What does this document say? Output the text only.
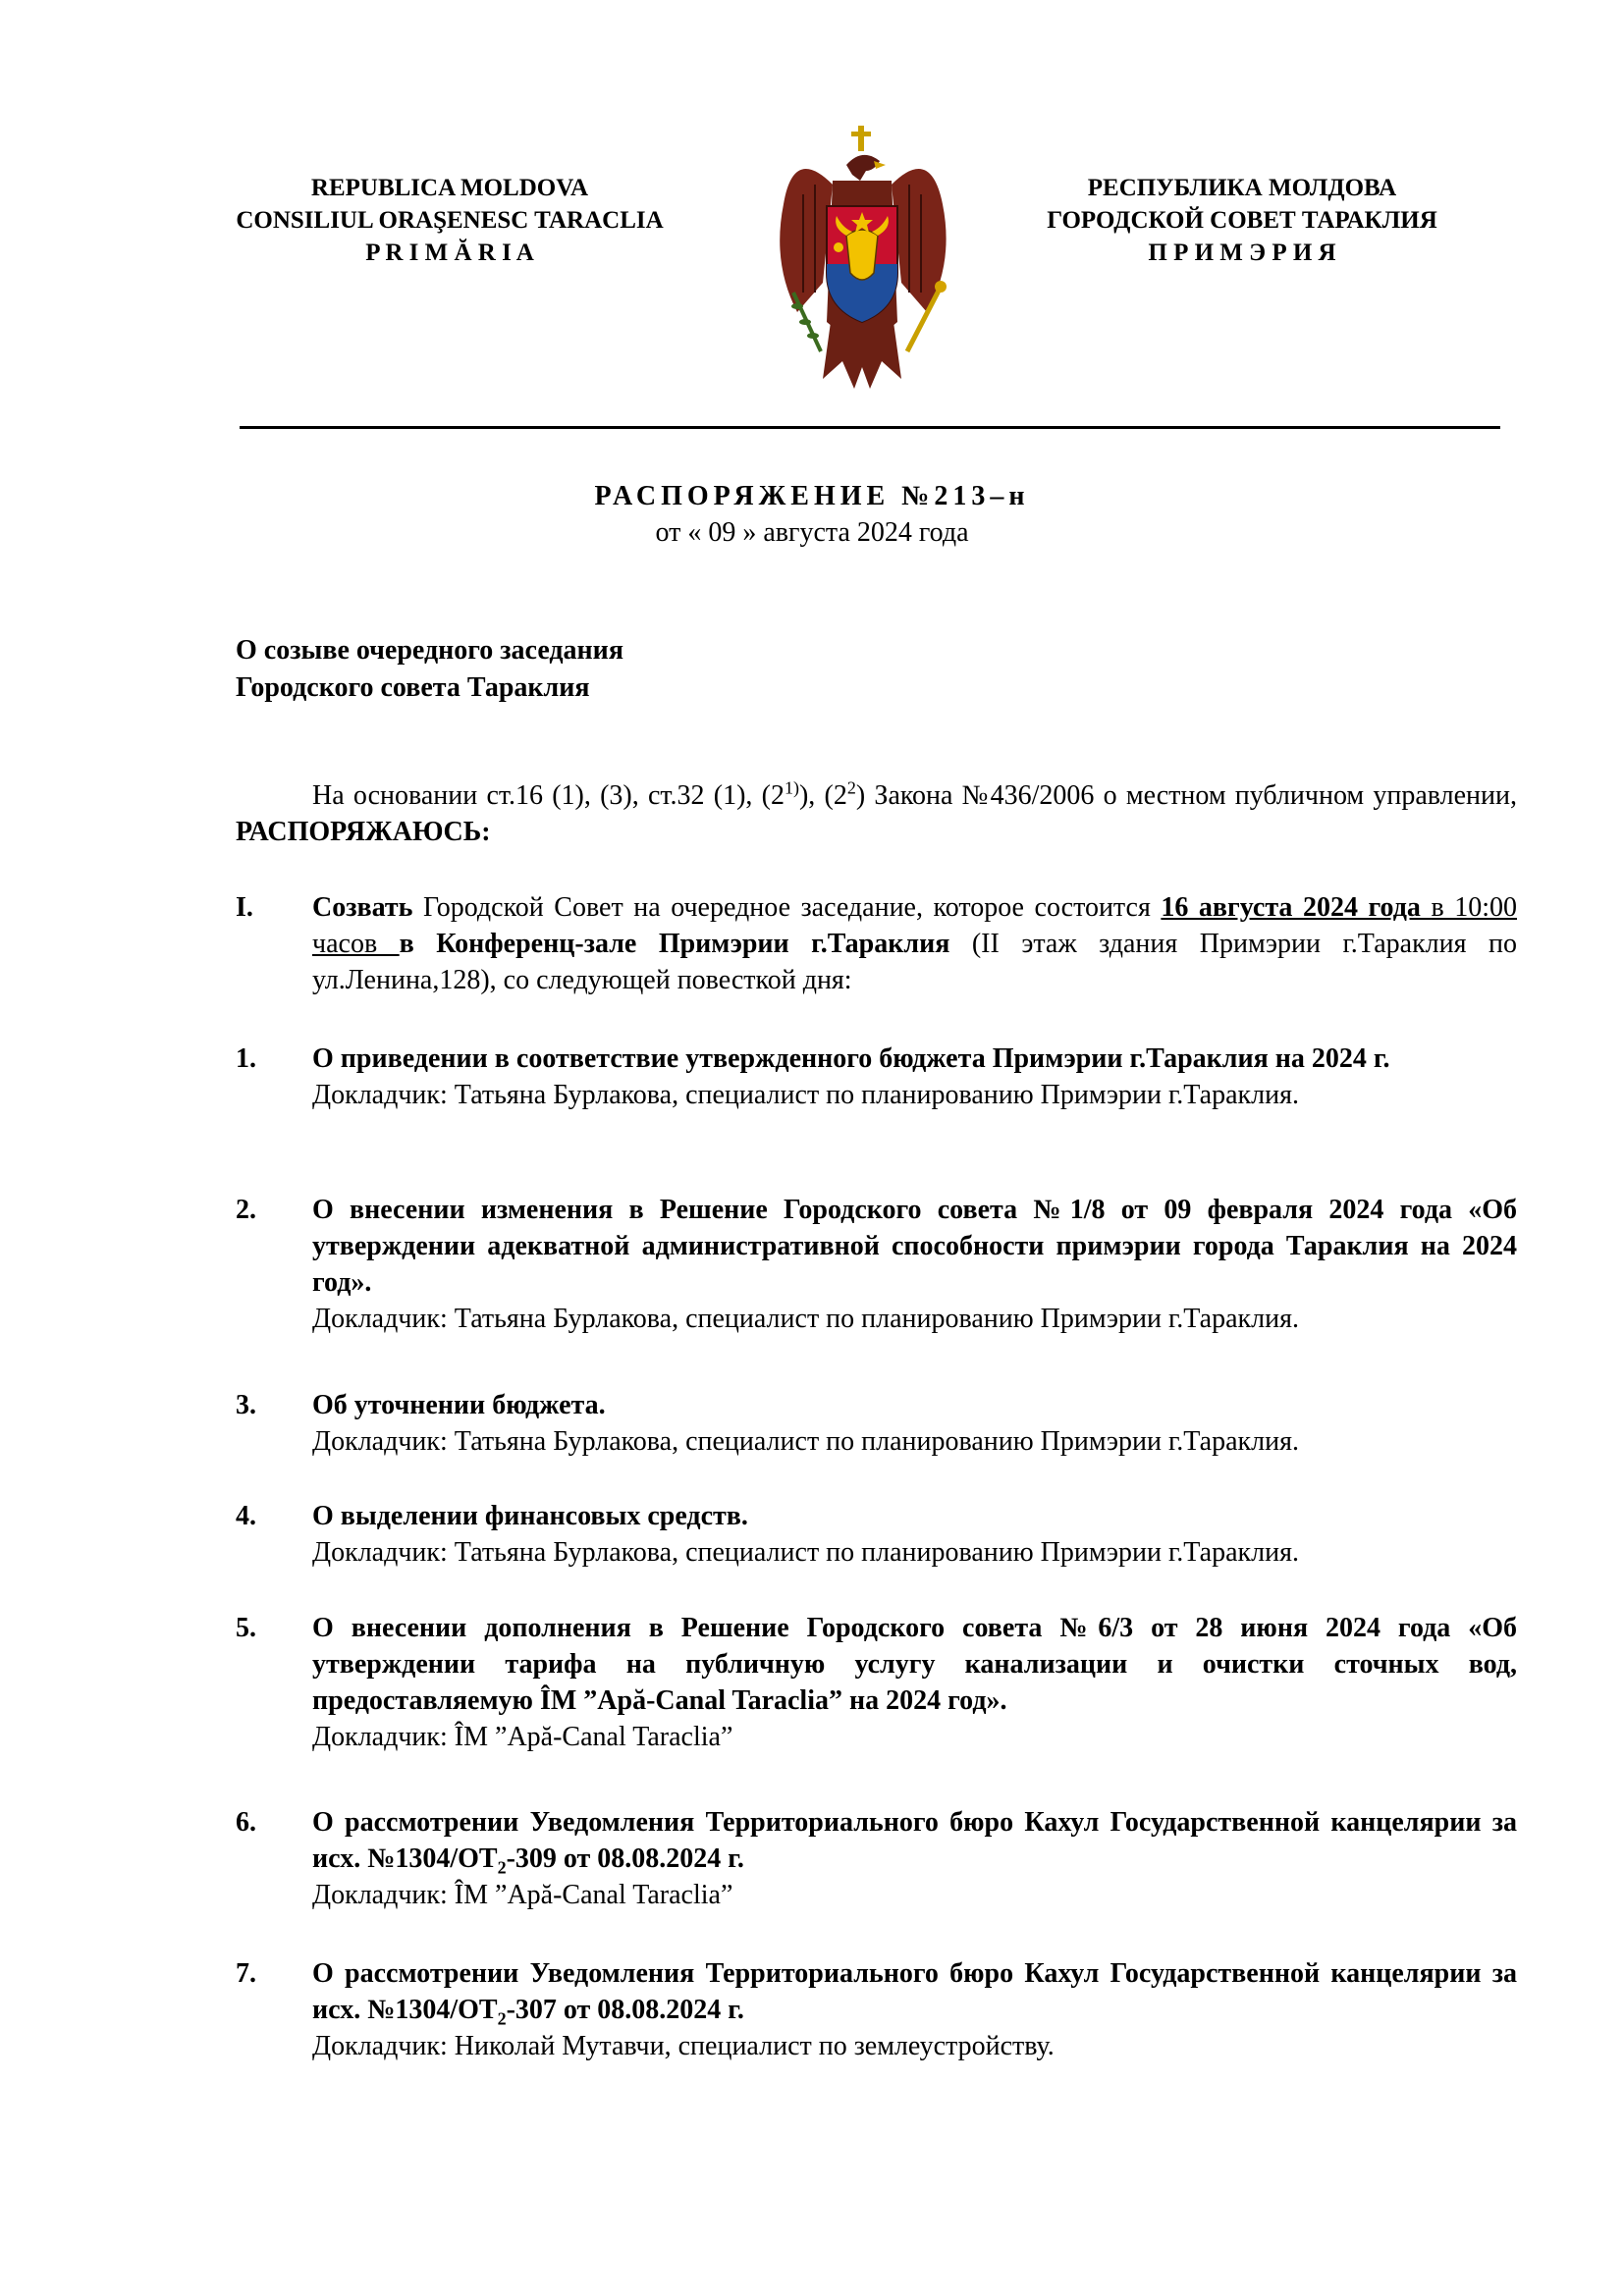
REPUBLICA MOLDOVA
CONSILIUL ORAŞENESC TARACLIA
P R I M Ă R I A
РЕСПУБЛИКА МОЛДОВА
ГОРОДСКОЙ СОВЕТ ТАРАКЛИЯ
П Р И М Э Р И Я
РАСПОРЯЖЕНИЕ №213–н
от « 09 » августа 2024 года
О созыве очередного заседания
Городского совета Тараклия
На основании ст.16 (1), (3), ст.32 (1), (2$^{1)}$), $(2^2)$ Закона №436/2006 о местном публичном управлении, РАСПОРЯЖАЮСЬ:
I. Созвать Городской Совет на очередное заседание, которое состоится 16 августа 2024 года в 10:00 часов в Конференц-зале Примэрии г.Тараклия (II этаж здания Примэрии г.Тараклия по ул.Ленина,128), со следующей повесткой дня:
1. О приведении в соответствие утвержденного бюджета Примэрии г.Тараклия на 2024 г.
Докладчик: Татьяна Бурлакова, специалист по планированию Примэрии г.Тараклия.
2. О внесении изменения в Решение Городского совета №1/8 от 09 февраля 2024 года «Об утверждении адекватной административной способности примэрии города Тараклия на 2024 год».
Докладчик: Татьяна Бурлакова, специалист по планированию Примэрии г.Тараклия.
3. Об уточнении бюджета.
Докладчик: Татьяна Бурлакова, специалист по планированию Примэрии г.Тараклия.
4. О выделении финансовых средств.
Докладчик: Татьяна Бурлакова, специалист по планированию Примэрии г.Тараклия.
5. О внесении дополнения в Решение Городского совета №6/3 от 28 июня 2024 года «Об утверждении тарифа на публичную услугу канализации и очистки сточных вод, предоставляемую ÎM ”Apă-Canal Taraclia” на 2024 год».
Докладчик: ÎM ”Apă-Canal Taraclia”
6. О рассмотрении Уведомления Территориального бюро Кахул Государственной канцелярии за исх. $№1304/OT_2-309$ от 08.08.2024 г.
Докладчик: ÎM ”Apă-Canal Taraclia”
7. О рассмотрении Уведомления Территориального бюро Кахул Государственной канцелярии за исх. $№1304/OT_2-307$ от 08.08.2024 г.
Докладчик: Николай Мутавчи, специалист по землеустройству.
